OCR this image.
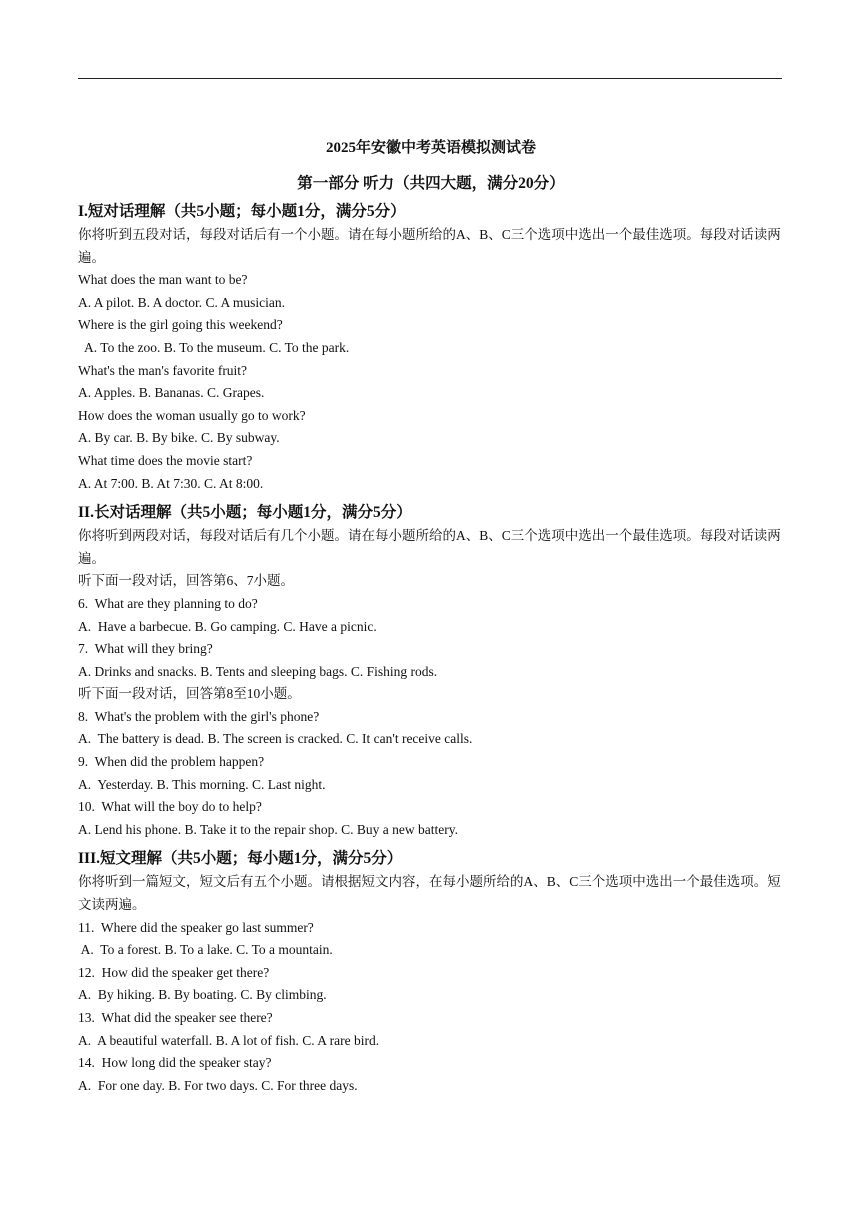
2025年安徽中考英语模拟测试卷
第一部分 听力（共四大题，满分20分）
I.短对话理解（共5小题；每小题1分，满分5分）
你将听到五段对话，每段对话后有一个小题。请在每小题所给的A、B、C三个选项中选出一个最佳选项。每段对话读两遍。
What does the man want to be?
A. A pilot. B. A doctor. C. A musician.
Where is the girl going this weekend?
A. To the zoo. B. To the museum. C. To the park.
What's the man's favorite fruit?
A. Apples. B. Bananas. C. Grapes.
How does the woman usually go to work?
A. By car. B. By bike. C. By subway.
What time does the movie start?
A. At 7:00. B. At 7:30. C. At 8:00.
II.长对话理解（共5小题；每小题1分，满分5分）
你将听到两段对话，每段对话后有几个小题。请在每小题所给的A、B、C三个选项中选出一个最佳选项。每段对话读两遍。
听下面一段对话，回答第6、7小题。
6.  What are they planning to do?
A.  Have a barbecue. B. Go camping. C. Have a picnic.
7.  What will they bring?
A. Drinks and snacks. B. Tents and sleeping bags. C. Fishing rods.
听下面一段对话，回答第8至10小题。
8.  What's the problem with the girl's phone?
A.  The battery is dead. B. The screen is cracked. C. It can't receive calls.
9.  When did the problem happen?
A.  Yesterday. B. This morning. C. Last night.
10.  What will the boy do to help?
A. Lend his phone. B. Take it to the repair shop. C. Buy a new battery.
III.短文理解（共5小题；每小题1分，满分5分）
你将听到一篇短文，短文后有五个小题。请根据短文内容，在每小题所给的A、B、C三个选项中选出一个最佳选项。短文读两遍。
11.  Where did the speaker go last summer?
A.  To a forest. B. To a lake. C. To a mountain.
12.  How did the speaker get there?
A.  By hiking. B. By boating. C. By climbing.
13.  What did the speaker see there?
A.  A beautiful waterfall. B. A lot of fish. C. A rare bird.
14.  How long did the speaker stay?
A.  For one day. B. For two days. C. For three days.
